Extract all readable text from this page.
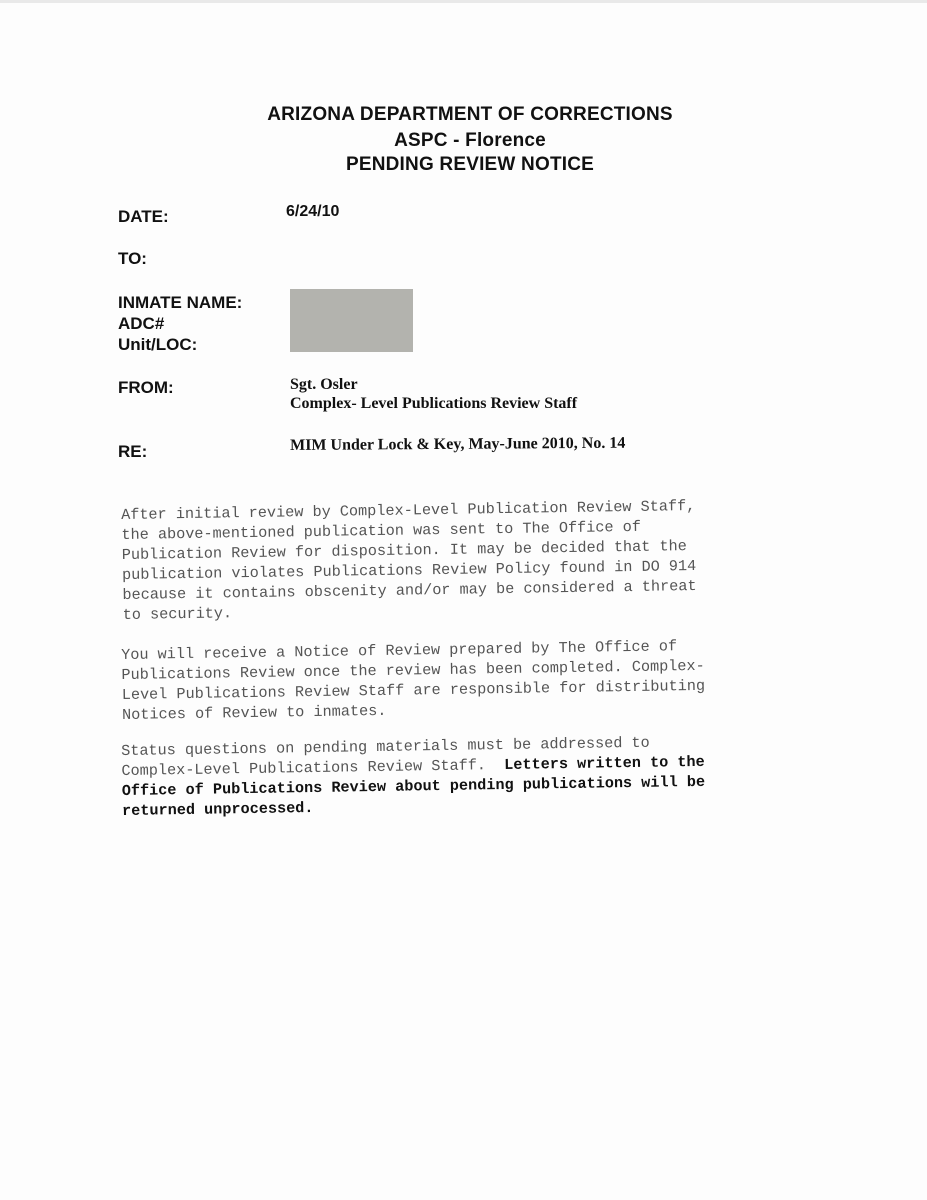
ARIZONA DEPARTMENT OF CORRECTIONS
ASPC - Florence
PENDING REVIEW NOTICE
DATE:	6/24/10
TO:
INMATE NAME:
ADC#
Unit/LOC:
FROM:	Sgt. Osler
Complex- Level Publications Review Staff
RE:	MIM Under Lock & Key, May-June 2010, No. 14
After initial review by Complex-Level Publication Review Staff,
the above-mentioned publication was sent to The Office of
Publication Review for disposition. It may be decided that the
publication violates Publications Review Policy found in DO 914
because it contains obscenity and/or may be considered a threat
to security.
You will receive a Notice of Review prepared by The Office of
Publications Review once the review has been completed. Complex-
Level Publications Review Staff are responsible for distributing
Notices of Review to inmates.
Status questions on pending materials must be addressed to
Complex-Level Publications Review Staff.  Letters written to the
Office of Publications Review about pending publications will be
returned unprocessed.
